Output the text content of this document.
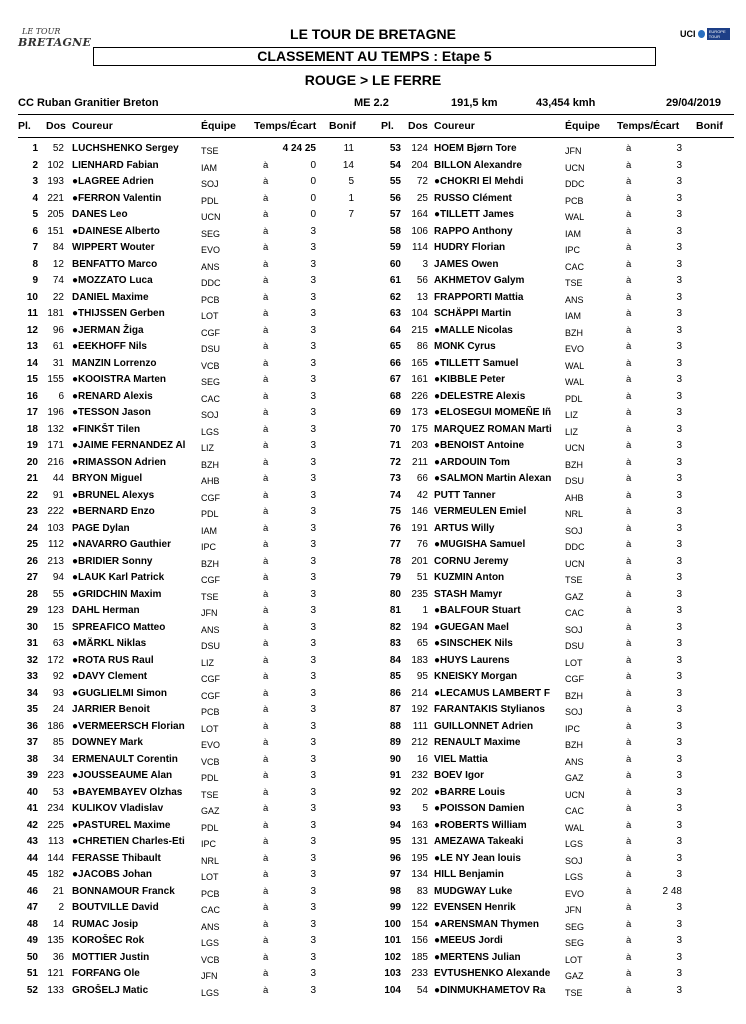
LE TOUR
BRETAGNE
UCI	EUROPE TOUR
LE TOUR DE BRETAGNE
CLASSEMENT AU TEMPS : Etape 5
ROUGE > LE FERRE
CC Ruban Granitier Breton	ME 2.2	191,5 km	43,454 kmh	29/04/2019
Pl. Dos Coureur	Équipe Temps/Écart Bonif Pl. Dos Coureur	Équipe Temps/Écart Bonif
1	52 LUCHSHENKO Sergey	TSE	4 24 25	11
2 102 LIENHARD Fabian	IAM	à	0	14
3 193 ●LAGREE Adrien	SOJ	à	0	5
4 221 ●FERRON Valentin	PDL	à	0	1
5 205 DANES Leo	UCN	à	0	7
6 151 ●DAINESE Alberto	SEG	à	3
7	84 WIPPERT Wouter	EVO	à	3
8	12 BENFATTO Marco	ANS	à	3
9	74 ●MOZZATO Luca	DDC	à	3
10	22 DANIEL Maxime	PCB	à	3
11 181 ●THIJSSEN Gerben	LOT	à	3
12	96 ●JERMAN Žiga	CGF	à	3
13	61 ●EEKHOFF Nils	DSU	à	3
14	31 MANZIN Lorrenzo	VCB	à	3
15 155 ●KOOISTRA Marten	SEG	à	3
16	6 ●RENARD Alexis	CAC	à	3
17 196 ●TESSON Jason	SOJ	à	3
18 132 ●FINKŠT Tilen	LGS	à	3
19 171 ●JAIME FERNANDEZ Al	LIZ	à	3
20 216 ●RIMASSON Adrien	BZH	à	3
21	44 BRYON Miguel	AHB	à	3
22	91 ●BRUNEL Alexys	CGF	à	3
23 222 ●BERNARD Enzo	PDL	à	3
24 103 PAGE Dylan	IAM	à	3
25	112 ●NAVARRO Gauthier	IPC	à	3
26 213 ●BRIDIER Sonny	BZH	à	3
27	94 ●LAUK Karl Patrick	CGF	à	3
28	55 ●GRIDCHIN Maxim	TSE	à	3
29 123 DAHL Herman	JFN	à	3
30	15 SPREAFICO Matteo	ANS	à	3
31	63 ●MÄRKL Niklas	DSU	à	3
32 172 ●ROTA RUS Raul	LIZ	à	3
33	92 ●DAVY Clement	CGF	à	3
34	93 ●GUGLIELMI Simon	CGF	à	3
35	24 JARRIER Benoit	PCB	à	3
36 186 ●VERMEERSCH Florian	LOT	à	3
37	85 DOWNEY Mark	EVO	à	3
38	34 ERMENAULT Corentin	VCB	à	3
39 223 ●JOUSSEAUME Alan	PDL	à	3
40	53 ●BAYEMBAYEV Olzhas	TSE	à	3
41 234 KULIKOV Vladislav	GAZ	à	3
42 225 ●PASTUREL Maxime	PDL	à	3
43	113 ●CHRETIEN Charles-Eti	IPC	à	3
44 144 FERASSE Thibault	NRL	à	3
45 182 ●JACOBS Johan	LOT	à	3
46	21 BONNAMOUR Franck	PCB	à	3
47	2 BOUTVILLE David	CAC	à	3
48	14 RUMAC Josip	ANS	à	3
49 135 KOROŠEC Rok	LGS	à	3
50	36 MOTTIER Justin	VCB	à	3
51 121 FORFANG Ole	JFN	à	3
52 133 GROŠELJ Matic	LGS	à	3
53	124 HOEM Bjørn Tore	JFN	à	3
54	204 BILLON Alexandre	UCN	à	3
55	72 ●CHOKRI El Mehdi	DDC	à	3
56	25 RUSSO Clément	PCB	à	3
57	164 ●TILLETT James	WAL	à	3
58	106 RAPPO Anthony	IAM	à	3
59	114 HUDRY Florian	IPC	à	3
60	3 JAMES Owen	CAC	à	3
61	56 AKHMETOV Galym	TSE	à	3
62	13 FRAPPORTI Mattia	ANS	à	3
63	104 SCHÄPPI Martin	IAM	à	3
64	215 ●MALLE Nicolas	BZH	à	3
65	86 MONK Cyrus	EVO	à	3
66	165 ●TILLETT Samuel	WAL	à	3
67	161 ●KIBBLE Peter	WAL	à	3
68	226 ●DELESTRE Alexis	PDL	à	3
69	173 ●ELOSEGUI MOMEÑE Iñ	LIZ	à	3
70	175 MARQUEZ ROMAN Marti	LIZ	à	3
71	203 ●BENOIST Antoine	UCN	à	3
72	211 ●ARDOUIN Tom	BZH	à	3
73	66 ●SALMON Martin Alexan	DSU	à	3
74	42 PUTT Tanner	AHB	à	3
75	146 VERMEULEN Emiel	NRL	à	3
76	191 ARTUS Willy	SOJ	à	3
77	76 ●MUGISHA Samuel	DDC	à	3
78	201 CORNU Jeremy	UCN	à	3
79	51 KUZMIN Anton	TSE	à	3
80	235 STASH Mamyr	GAZ	à	3
81	1 ●BALFOUR Stuart	CAC	à	3
82	194 ●GUEGAN Mael	SOJ	à	3
83	65 ●SINSCHEK Nils	DSU	à	3
84	183 ●HUYS Laurens	LOT	à	3
85	95 KNEISKY Morgan	CGF	à	3
86	214 ●LECAMUS LAMBERT F	BZH	à	3
87	192 FARANTAKIS Stylianos	SOJ	à	3
88	111 GUILLONNET Adrien	IPC	à	3
89	212 RENAULT Maxime	BZH	à	3
90	16 VIEL Mattia	ANS	à	3
91	232 BOEV Igor	GAZ	à	3
92	202 ●BARRE Louis	UCN	à	3
93	5 ●POISSON Damien	CAC	à	3
94	163 ●ROBERTS William	WAL	à	3
95	131 AMEZAWA Takeaki	LGS	à	3
96	195 ●LE NY Jean louis	SOJ	à	3
97	134 HILL Benjamin	LGS	à	3
98	83 MUDGWAY Luke	EVO	à	2 48
99	122 EVENSEN Henrik	JFN	à	3
100	154 ●ARENSMAN Thymen	SEG	à	3
101	156 ●MEEUS Jordi	SEG	à	3
102	185 ●MERTENS Julian	LOT	à	3
103	233 EVTUSHENKO Alexande	GAZ	à	3
104	54 ●DINMUKHAMETOV Ra	TSE	à	3
